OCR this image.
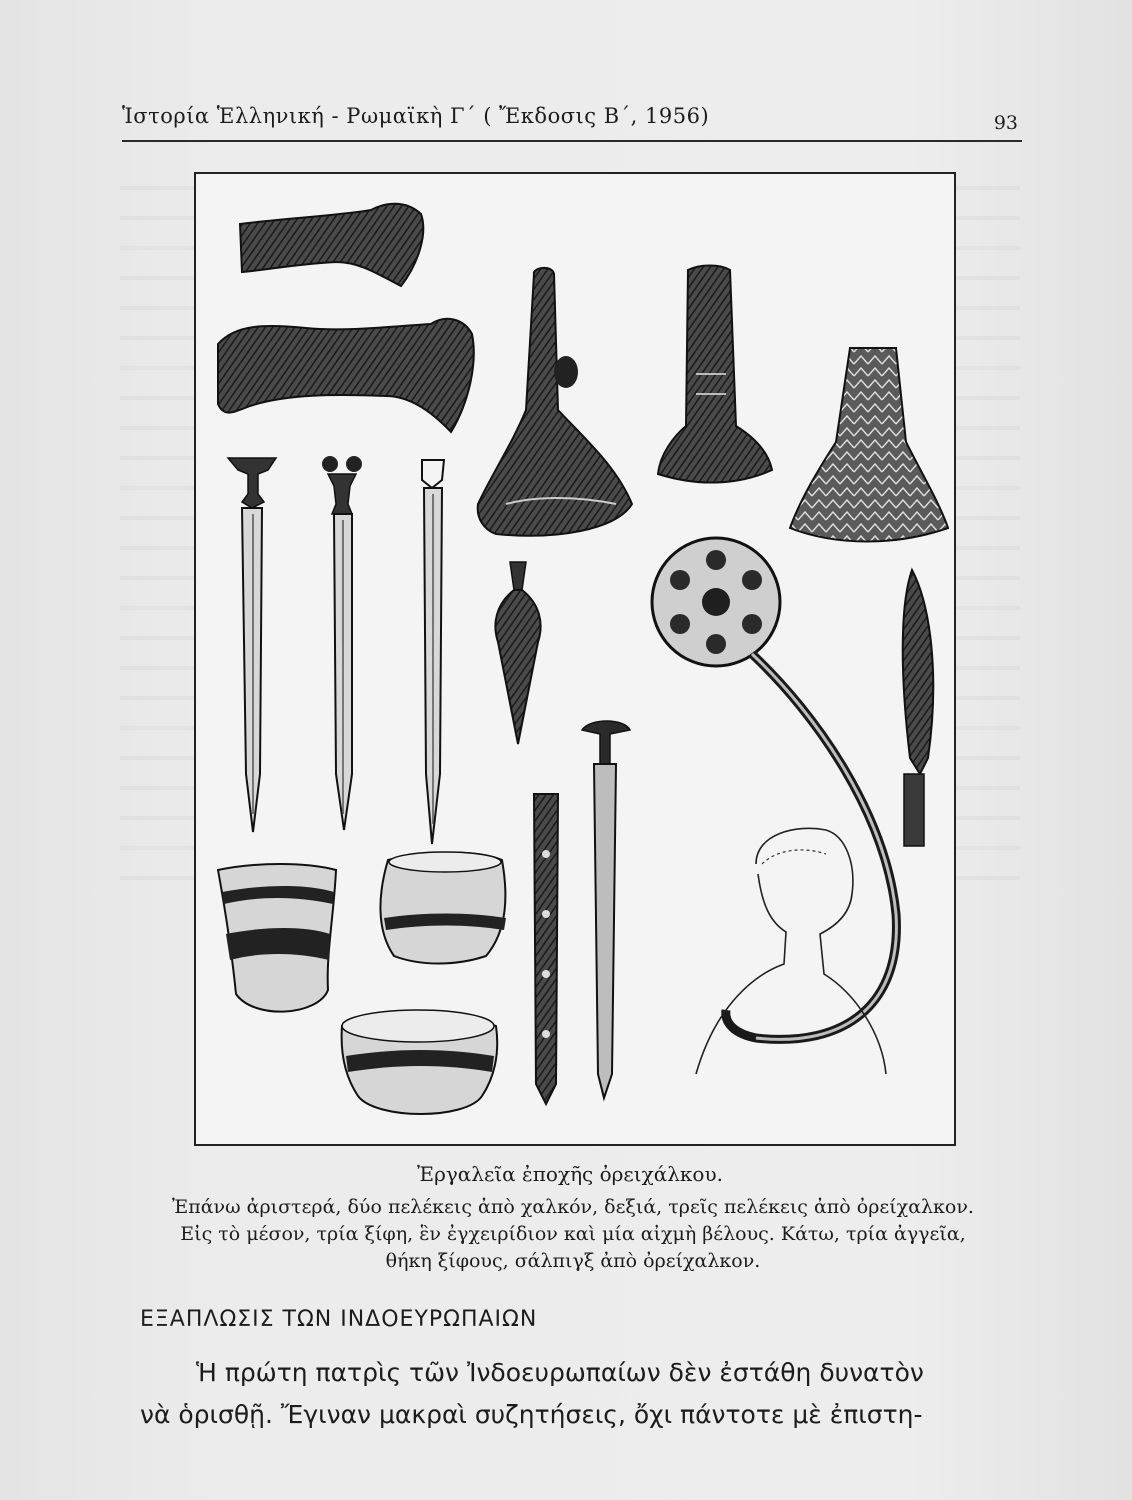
Ἱστορία Ἑλληνική - Ρωμαϊκὴ Γ΄ ( Ἔκδοσις Β΄, 1956)	93
Ἐργαλεῖα ἐποχῆς ὀρειχάλκου.
Ἐπάνω ἀριστερά, δύο πελέκεις ἀπὸ χαλκόν, δεξιά, τρεῖς πελέκεις ἀπὸ ὀρείχαλκον.
Εἰς τὸ μέσον, τρία ξίφη, ἓν ἐγχειρίδιον καὶ μία αἰχμὴ βέλους. Κάτω, τρία ἀγγεῖα,
θήκη ξίφους, σάλπιγξ ἀπὸ ὀρείχαλκον.
ΕΞΑΠΛΩΣΙΣ ΤΩΝ ΙΝΔΟΕΥΡΩΠΑΙΩΝ
Ἡ πρώτη πατρὶς τῶν Ἰνδοευρωπαίων δὲν ἐστάθη δυνατὸν
νὰ ὁρισθῇ. Ἔγιναν μακραὶ συζητήσεις, ὄχι πάντοτε μὲ ἐπιστη-
